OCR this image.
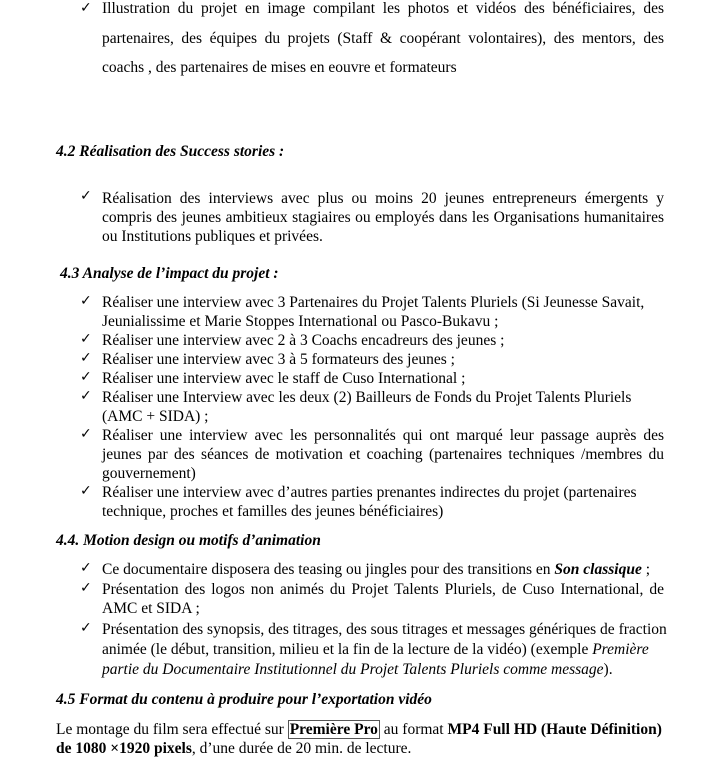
✓ Illustration du projet en image compilant les photos et vidéos des bénéficiaires, des
partenaires, des équipes du projets (Staff & coopérant volontaires), des mentors, des
coachs , des partenaires de mises en eouvre et formateurs
4.2 Réalisation des Success stories :
✓ Réalisation des interviews avec plus ou moins 20 jeunes entrepreneurs émergents y
compris des jeunes ambitieux stagiaires ou employés dans les Organisations humanitaires
ou Institutions publiques et privées.
4.3 Analyse de l’impact du projet :
✓ Réaliser une interview avec 3 Partenaires du Projet Talents Pluriels (Si Jeunesse Savait,
Jeunialissime et Marie Stoppes International ou Pasco-Bukavu ;
✓ Réaliser une interview avec 2 à 3 Coachs encadreurs des jeunes ;
✓ Réaliser une interview avec 3 à 5 formateurs des jeunes ;
✓ Réaliser une interview avec le staff de Cuso International ;
✓ Réaliser une Interview avec les deux (2) Bailleurs de Fonds du Projet Talents Pluriels
(AMC + SIDA) ;
✓ Réaliser une interview avec les personnalités qui ont marqué leur passage auprès des
jeunes par des séances de motivation et coaching (partenaires techniques /membres du
gouvernement)
✓ Réaliser une interview avec d’autres parties prenantes indirectes du projet (partenaires
technique, proches et familles des jeunes bénéficiaires)
4.4. Motion design ou motifs d’animation
✓ Ce documentaire disposera des teasing ou jingles pour des transitions en Son classique ;
✓ Présentation des logos non animés du Projet Talents Pluriels, de Cuso International, de
AMC et SIDA ;
✓ Présentation des synopsis, des titrages, des sous titrages et messages génériques de fraction
animée (le début, transition, milieu et la fin de la lecture de la vidéo) (exemple Première
partie du Documentaire Institutionnel du Projet Talents Pluriels comme message).
4.5 Format du contenu à produire pour l’exportation vidéo
Le montage du film sera effectué sur Première Pro au format MP4 Full HD (Haute Définition)
de 1080 ×1920 pixels, d’une durée de 20 min. de lecture.
